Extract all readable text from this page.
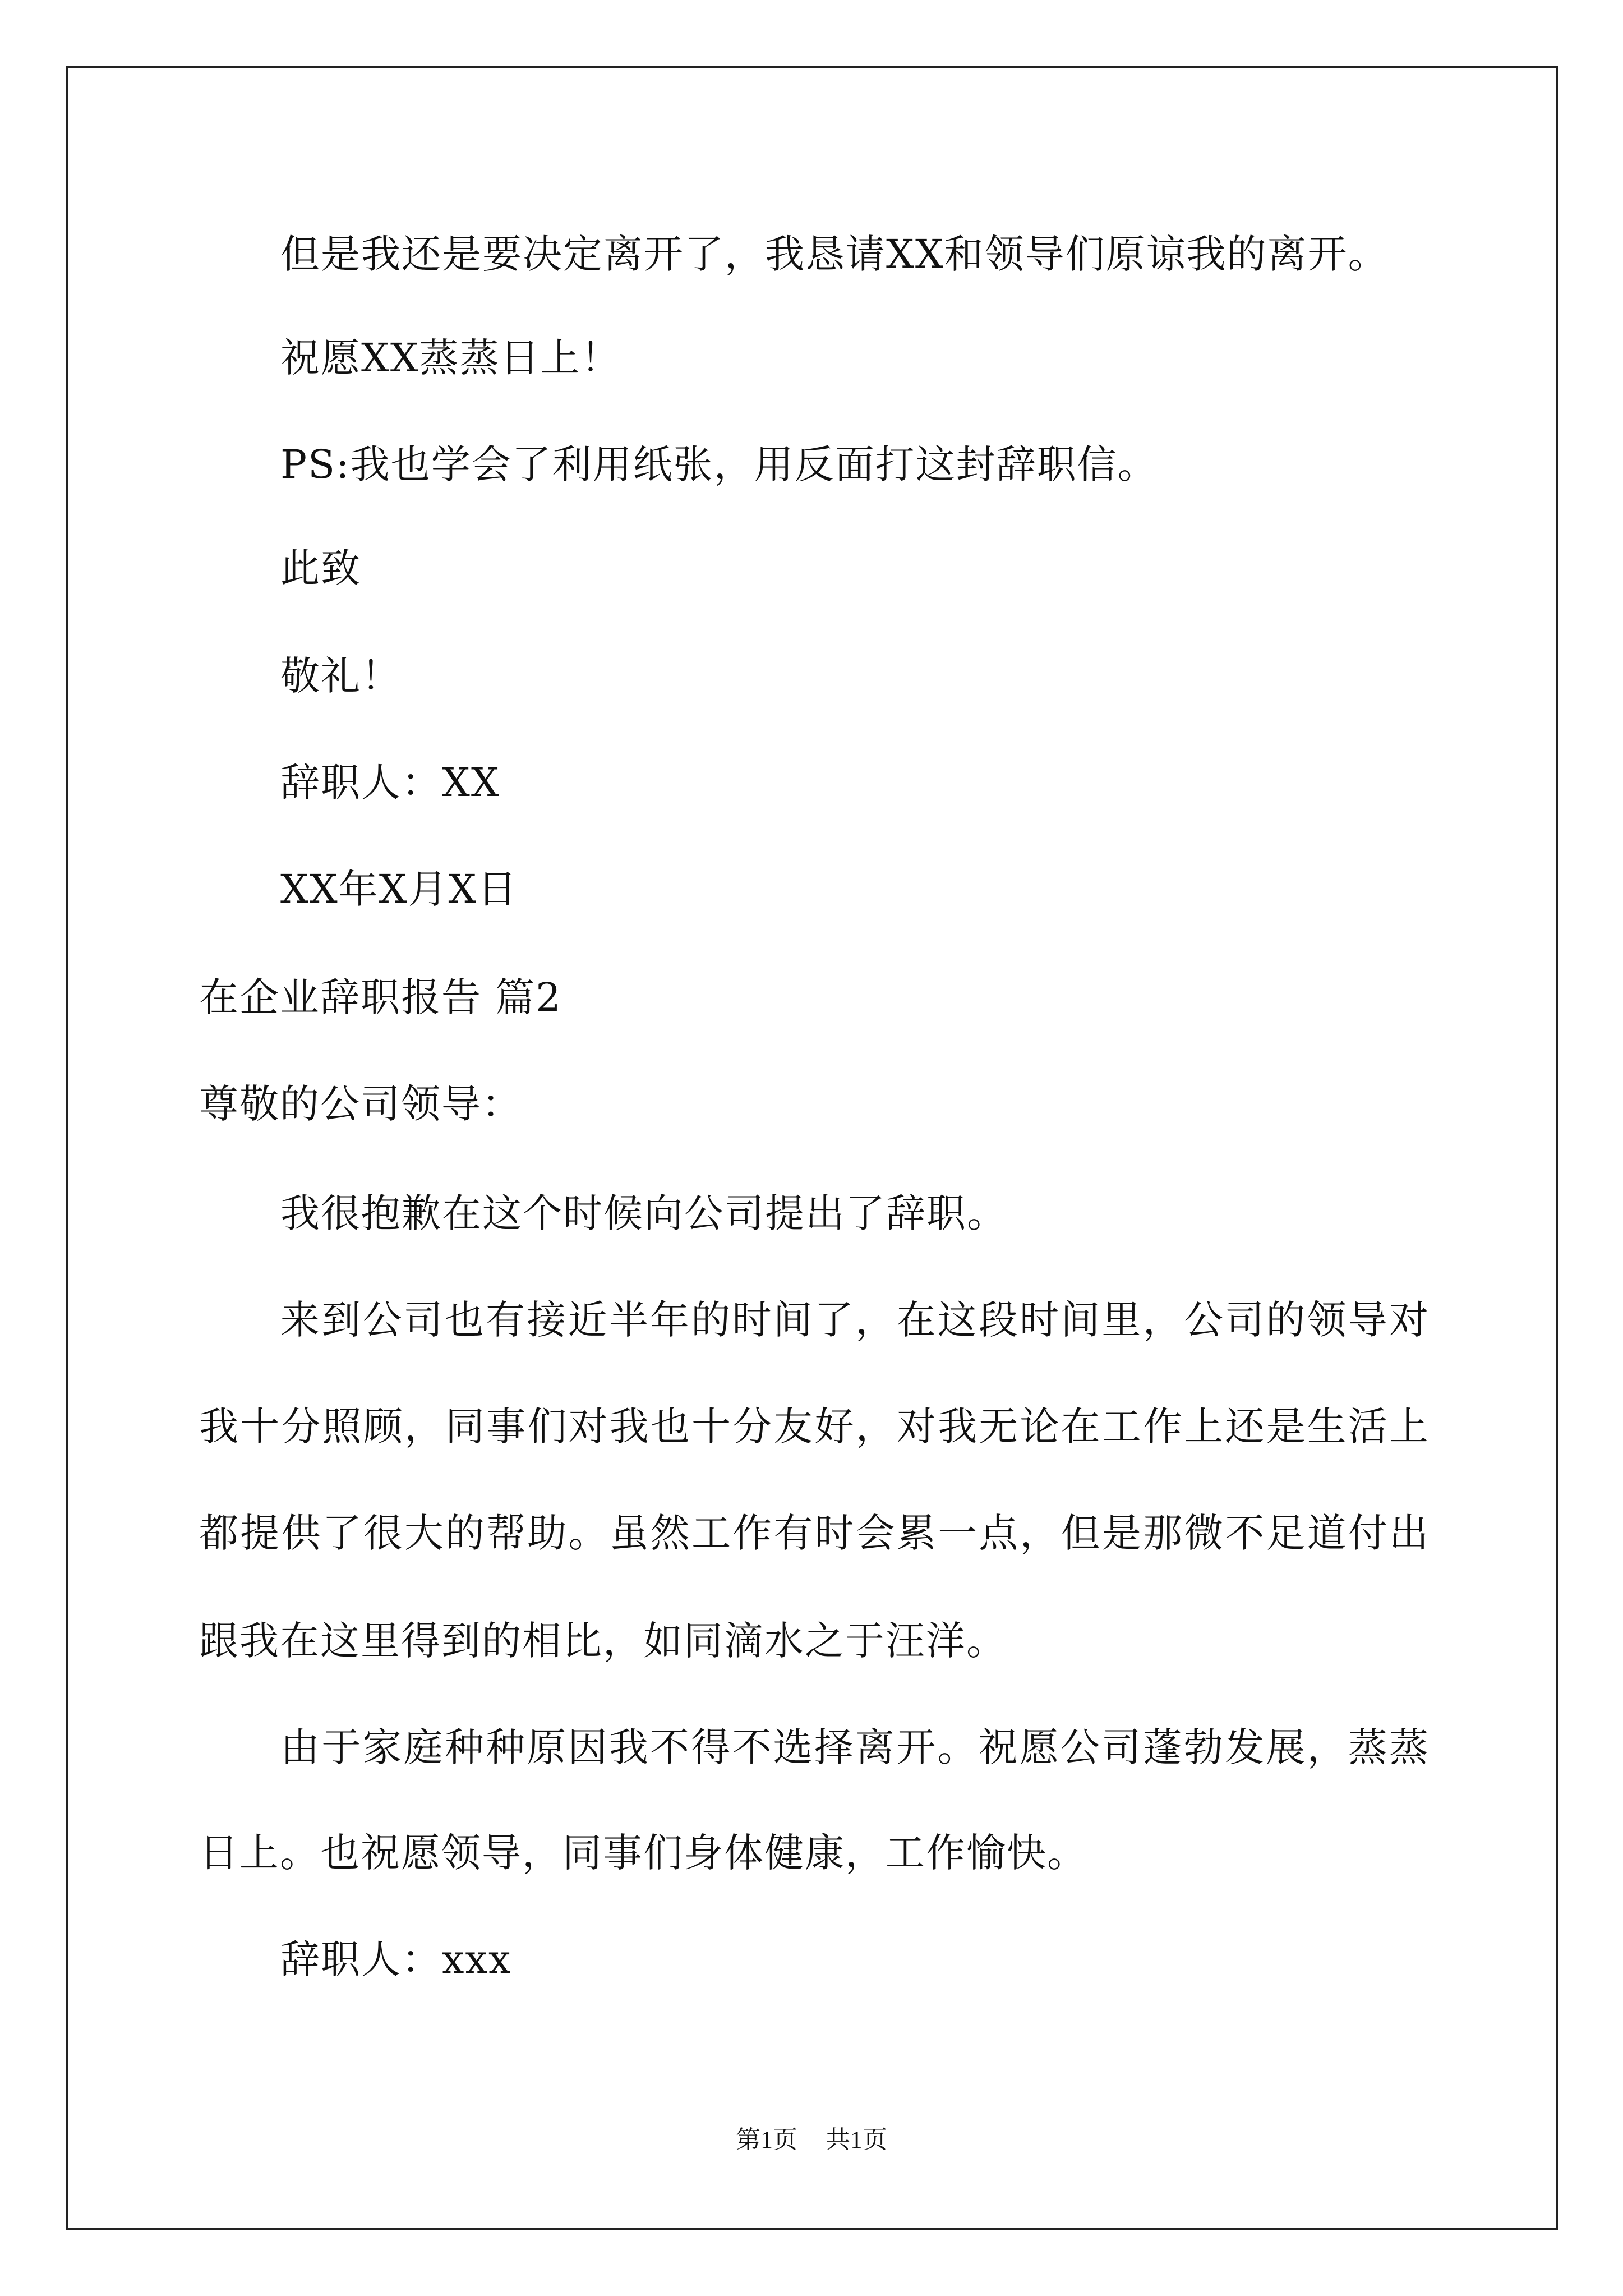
但是我还是要决定离开了，我恳请XX和领导们原谅我的离开。
祝愿XX蒸蒸日上！
PS:我也学会了利用纸张，用反面打这封辞职信。
此致
敬礼！
辞职人：XX
XX年X月X日
在企业辞职报告 篇2
尊敬的公司领导：
我很抱歉在这个时候向公司提出了辞职。
来到公司也有接近半年的时间了，在这段时间里，公司的领导对
我十分照顾，同事们对我也十分友好，对我无论在工作上还是生活上
都提供了很大的帮助。虽然工作有时会累一点，但是那微不足道付出
跟我在这里得到的相比，如同滴水之于汪洋。
由于家庭种种原因我不得不选择离开。祝愿公司蓬勃发展，蒸蒸
日上。也祝愿领导，同事们身体健康，工作愉快。
辞职人：xxx
第1页 共1页
